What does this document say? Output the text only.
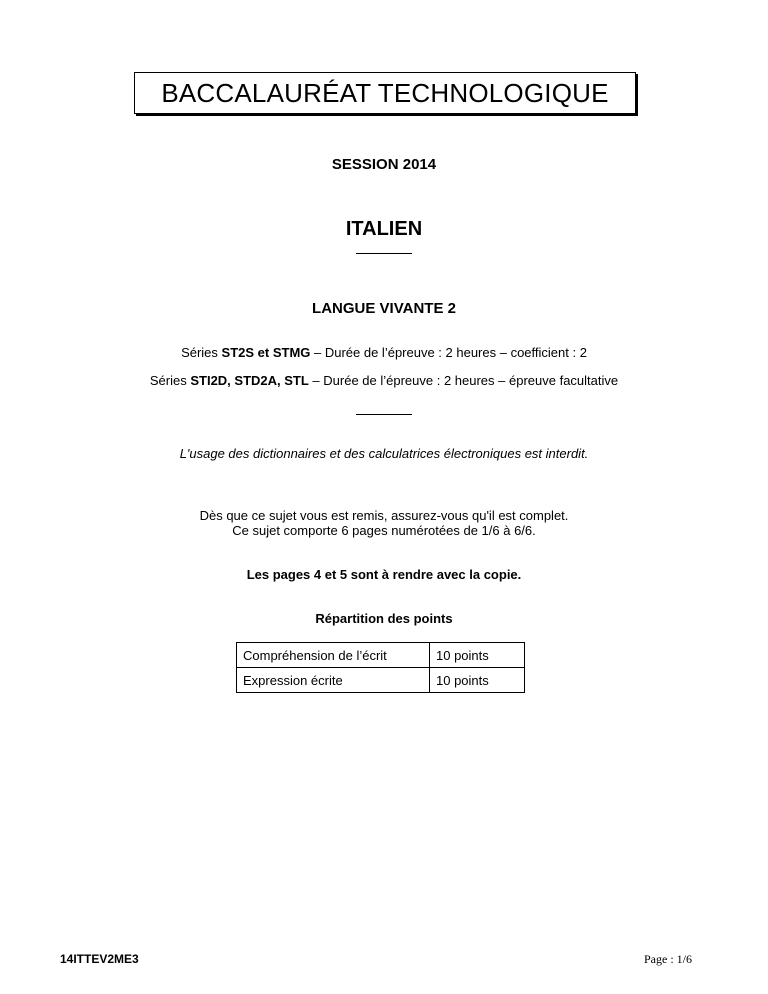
BACCALAURÉAT TECHNOLOGIQUE
SESSION 2014
ITALIEN
LANGUE VIVANTE 2
Séries ST2S et STMG – Durée de l’épreuve : 2 heures – coefficient : 2
Séries STI2D, STD2A, STL – Durée de l’épreuve : 2 heures – épreuve facultative
L'usage des dictionnaires et des calculatrices électroniques est interdit.
Dès que ce sujet vous est remis, assurez-vous qu'il est complet.
Ce sujet comporte 6 pages numérotées de 1/6 à 6/6.
Les pages 4 et 5 sont à rendre avec la copie.
Répartition des points
Compréhension de l’écrit	10 points
Expression écrite	10 points
14ITTEV2ME3	Page : 1/6
